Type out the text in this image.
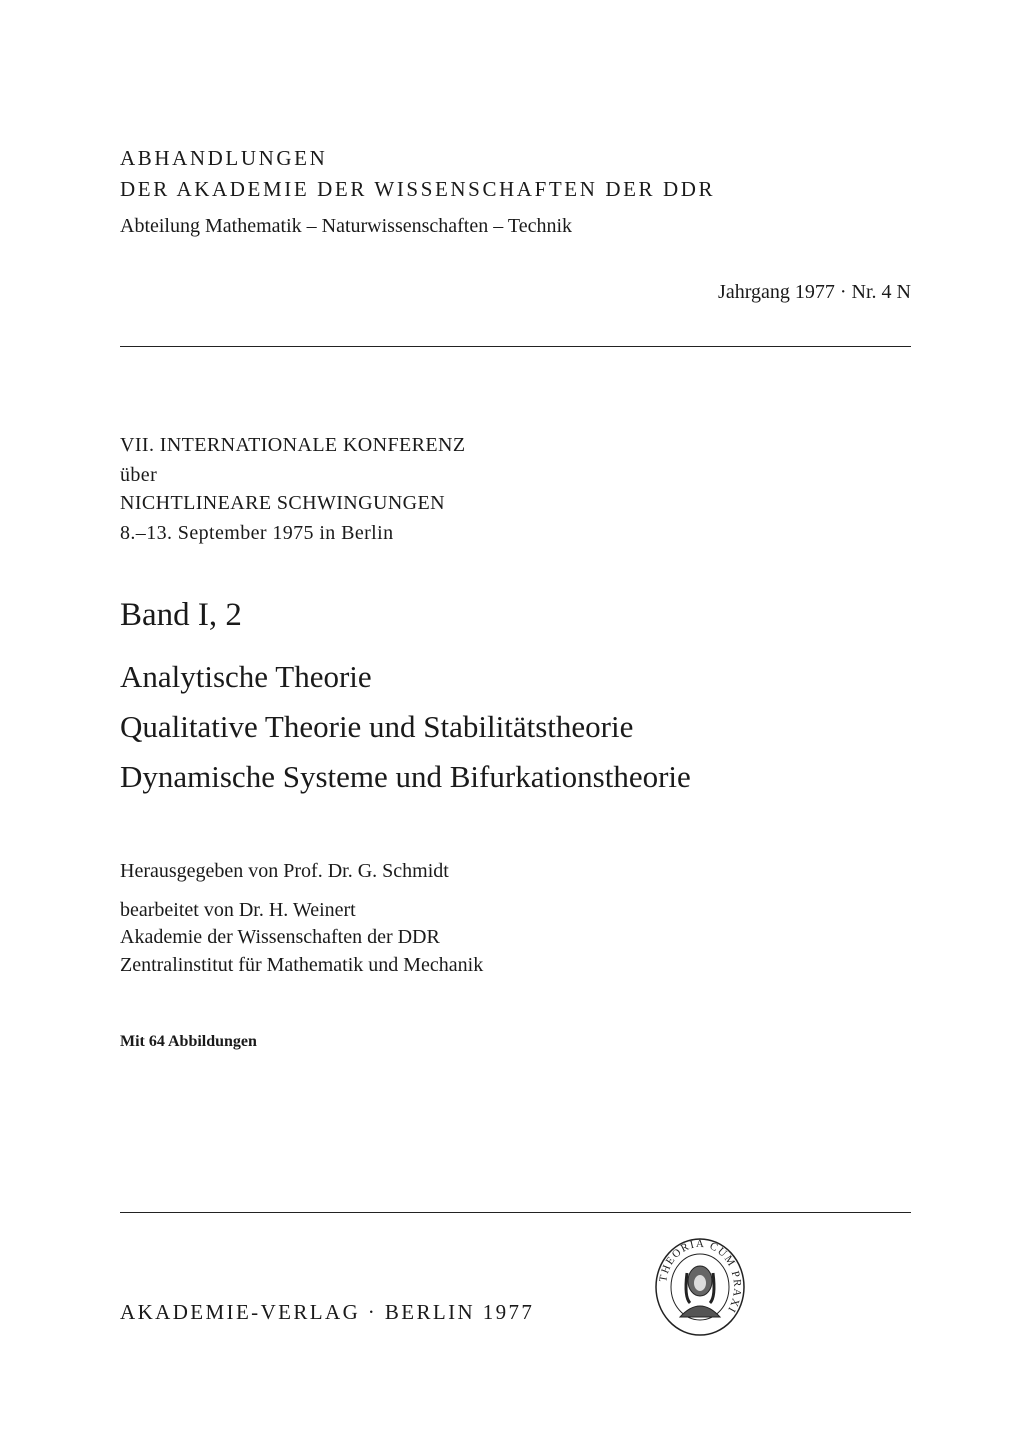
ABHANDLUNGEN
DER AKADEMIE DER WISSENSCHAFTEN DER DDR
Abteilung Mathematik – Naturwissenschaften – Technik
Jahrgang 1977 · Nr. 4 N
VII. INTERNATIONALE KONFERENZ
über
NICHTLINEARE SCHWINGUNGEN
8.–13. September 1975 in Berlin
Band I, 2
Analytische Theorie
Qualitative Theorie und Stabilitätstheorie
Dynamische Systeme und Bifurkationstheorie
Herausgegeben von Prof. Dr. G. Schmidt
bearbeitet von Dr. H. Weinert
Akademie der Wissenschaften der DDR
Zentralinstitut für Mathematik und Mechanik
Mit 64 Abbildungen
AKADEMIE-VERLAG · BERLIN 1977
THEORIA CUM PRAXI
